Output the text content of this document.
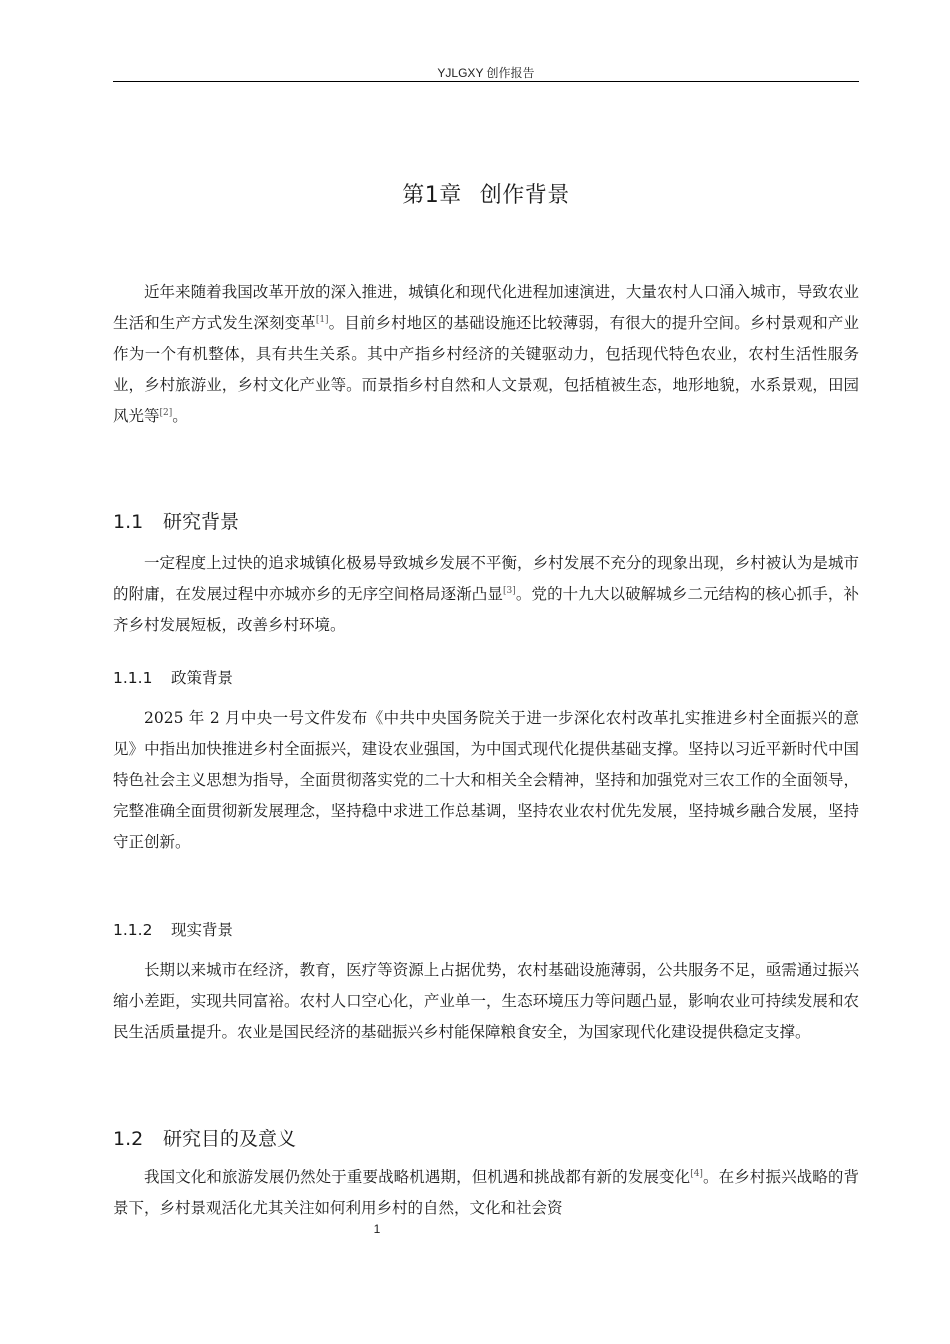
YJLGXY 创作报告
第1章 创作背景

近年来随着我国改革开放的深入推进，城镇化和现代化进程加速演进，大量农村人口涌入城市，导致农业生活和生产方式发生深刻变革[1]。目前乡村地区的基础设施还比较薄弱，有很大的提升空间。乡村景观和产业作为一个有机整体，具有共生关系。其中产指乡村经济的关键驱动力，包括现代特色农业，农村生活性服务业，乡村旅游业，乡村文化产业等。而景指乡村自然和人文景观，包括植被生态，地形地貌，水系景观，田园风光等[2]。

1.1 研究背景

一定程度上过快的追求城镇化极易导致城乡发展不平衡，乡村发展不充分的现象出现，乡村被认为是城市的附庸，在发展过程中亦城亦乡的无序空间格局逐渐凸显[3]。党的十九大以破解城乡二元结构的核心抓手，补齐乡村发展短板，改善乡村环境。

1.1.1 政策背景

2025 年 2 月中央一号文件发布《中共中央国务院关于进一步深化农村改革扎实推进乡村全面振兴的意见》中指出加快推进乡村全面振兴，建设农业强国，为中国式现代化提供基础支撑。坚持以习近平新时代中国特色社会主义思想为指导，全面贯彻落实党的二十大和相关全会精神，坚持和加强党对三农工作的全面领导，完整准确全面贯彻新发展理念，坚持稳中求进工作总基调，坚持农业农村优先发展，坚持城乡融合发展，坚持守正创新。

1.1.2 现实背景

长期以来城市在经济，教育，医疗等资源上占据优势，农村基础设施薄弱，公共服务不足，亟需通过振兴缩小差距，实现共同富裕。农村人口空心化，产业单一，生态环境压力等问题凸显，影响农业可持续发展和农民生活质量提升。农业是国民经济的基础振兴乡村能保障粮食安全，为国家现代化建设提供稳定支撑。

1.2 研究目的及意义

我国文化和旅游发展仍然处于重要战略机遇期，但机遇和挑战都有新的发展变化[4]。在乡村振兴战略的背景下，乡村景观活化尤其关注如何利用乡村的自然，文化和社会资

1
